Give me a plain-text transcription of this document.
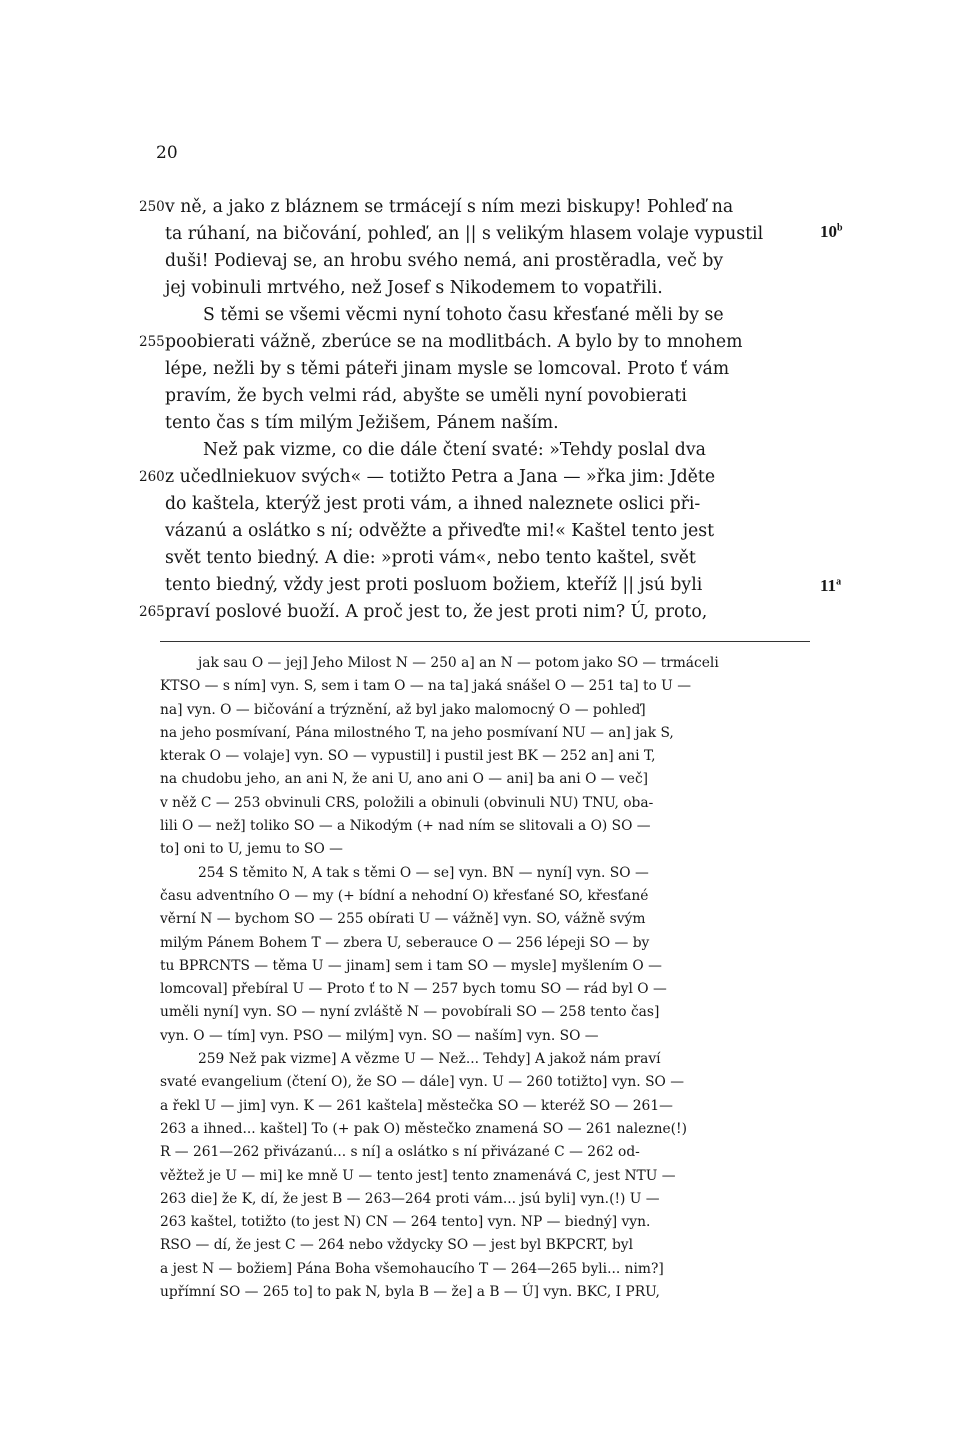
20
250 v ně, a jako z bláznem se trmácejí s ním mezi biskupy! Pohleď na
ta rúhaní, na bičování, pohleď, an || s velikým hlasem volaje vypustil
duši! Podievaj se, an hrobu svého nemá, ani prostěradla, več by
jej vobinuli mrtvého, než Josef s Nikodemem to vopatřili.
S těmi se všemi věcmi nyní tohoto času křesťané měli by se
255 poobierati vážně, zberúce se na modlitbách. A bylo by to mnohem
lépe, nežli by s těmi páteři jinam mysle se lomcoval. Proto ť vám
pravím, že bych velmi rád, abyšte se uměli nyní povobierati
tento čas s tím milým Ježišem, Pánem naším.
Než pak vizme, co die dále čtení svaté: »Tehdy poslal dva
260 z učedlniekuov svých« — totižto Petra a Jana — »řka jim: Jděte
do kaštela, kterýž jest proti vám, a ihned naleznete oslici při-
vázanú a oslátko s ní; odvěžte a přiveďte mi!« Kaštel tento jest
svět tento biedný. A die: »proti vám«, nebo tento kaštel, svět
tento biedný, vždy jest proti posluom božiem, kteříž || jsú byli
265 praví poslové buoží. A proč jest to, že jest proti nim? Ú, proto,
10$^b$
11$^a$
jak sau O — jej] Jeho Milost N — 250 a] an N — potom jako SO — trmáceli
KTSO — s ním] vyn. S, sem i tam O — na ta] jaká snášel O — 251 ta] to U —
na] vyn. O — bičování a trýznění, až byl jako malomocný O — pohleď]
na jeho posmívaní, Pána milostného T, na jeho posmívaní NU — an] jak S,
kterak O — volaje] vyn. SO — vypustil] i pustil jest BK — 252 an] ani T,
na chudobu jeho, an ani N, že ani U, ano ani O — ani] ba ani O — več]
v něž C — 253 obvinuli CRS, položili a obinuli (obvinuli NU) TNU, oba-
lili O — než] toliko SO — a Nikodým (+ nad ním se slitovali a O) SO —
to] oni to U, jemu to SO —
254 S těmito N, A tak s těmi O — se] vyn. BN — nyní] vyn. SO —
času adventního O — my (+ bídní a nehodní O) křesťané SO, křesťané
věrní N — bychom SO — 255 obírati U — vážně] vyn. SO, vážně svým
milým Pánem Bohem T — zbera U, seberauce O — 256 lépeji SO — by
tu BPRCNTS — těma U — jinam] sem i tam SO — mysle] myšlením O —
lomcoval] přebíral U — Proto ť to N — 257 bych tomu SO — rád byl O —
uměli nyní] vyn. SO — nyní zvláště N — povobírali SO — 258 tento čas]
vyn. O — tím] vyn. PSO — milým] vyn. SO — naším] vyn. SO —
259 Než pak vizme] A vězme U — Než... Tehdy] A jakož nám praví
svaté evangelium (čtení O), že SO — dále] vyn. U — 260 totižto] vyn. SO —
a řekl U — jim] vyn. K — 261 kaštela] městečka SO — kteréž SO — 261—
263 a ihned... kaštel] To (+ pak O) městečko znamená SO — 261 nalezne(!)
R — 261—262 přivázanú... s ní] a oslátko s ní přivázané C — 262 od-
věžtež je U — mi] ke mně U — tento jest] tento znamenává C, jest NTU —
263 die] že K, dí, že jest B — 263—264 proti vám... jsú byli] vyn.(!) U —
263 kaštel, totižto (to jest N) CN — 264 tento] vyn. NP — biedný] vyn.
RSO — dí, že jest C — 264 nebo vždycky SO — jest byl BKPCRT, byl
a jest N — božiem] Pána Boha všemohaucího T — 264—265 byli... nim?]
upřímní SO — 265 to] to pak N, byla B — že] a B — Ú] vyn. BKC, I PRU,
